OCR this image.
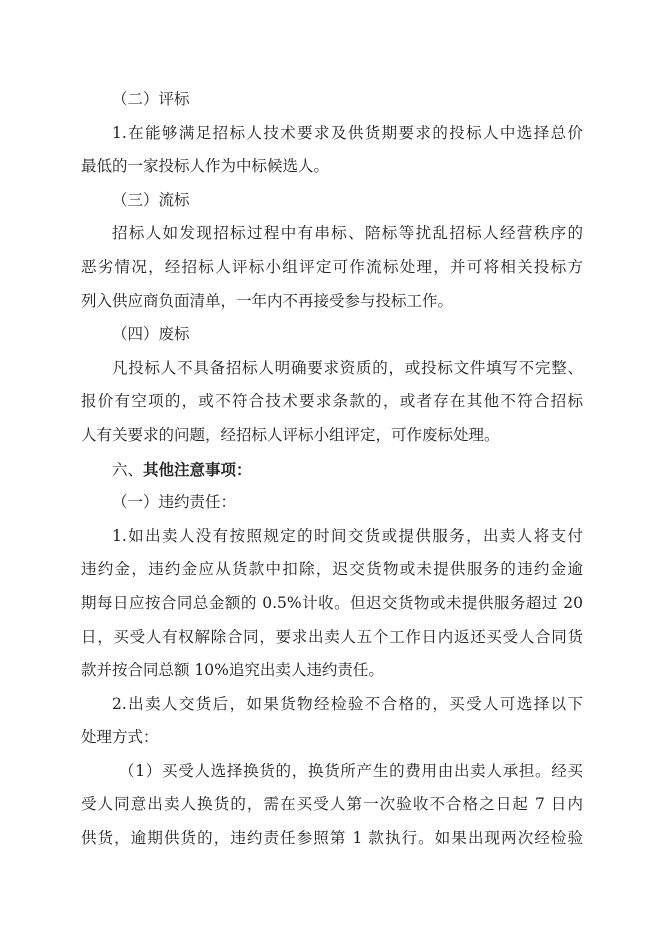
（二）评标
1.在能够满足招标人技术要求及供货期要求的投标人中选择总价
最低的一家投标人作为中标候选人。
（三）流标
招标人如发现招标过程中有串标、陪标等扰乱招标人经营秩序的
恶劣情况，经招标人评标小组评定可作流标处理，并可将相关投标方
列入供应商负面清单，一年内不再接受参与投标工作。
（四）废标
凡投标人不具备招标人明确要求资质的，或投标文件填写不完整、
报价有空项的，或不符合技术要求条款的，或者存在其他不符合招标
人有关要求的问题，经招标人评标小组评定，可作废标处理。
六、其他注意事项：
（一）违约责任：
1.如出卖人没有按照规定的时间交货或提供服务，出卖人将支付
违约金，违约金应从货款中扣除，迟交货物或未提供服务的违约金逾
期每日应按合同总金额的 0.5%计收。但迟交货物或未提供服务超过 20
日，买受人有权解除合同，要求出卖人五个工作日内返还买受人合同货
款并按合同总额 10%追究出卖人违约责任。
2.出卖人交货后，如果货物经检验不合格的，买受人可选择以下
处理方式：
（1）买受人选择换货的，换货所产生的费用由出卖人承担。经买
受人同意出卖人换货的，需在买受人第一次验收不合格之日起 7 日内
供货，逾期供货的，违约责任参照第 1 款执行。如果出现两次经检验
